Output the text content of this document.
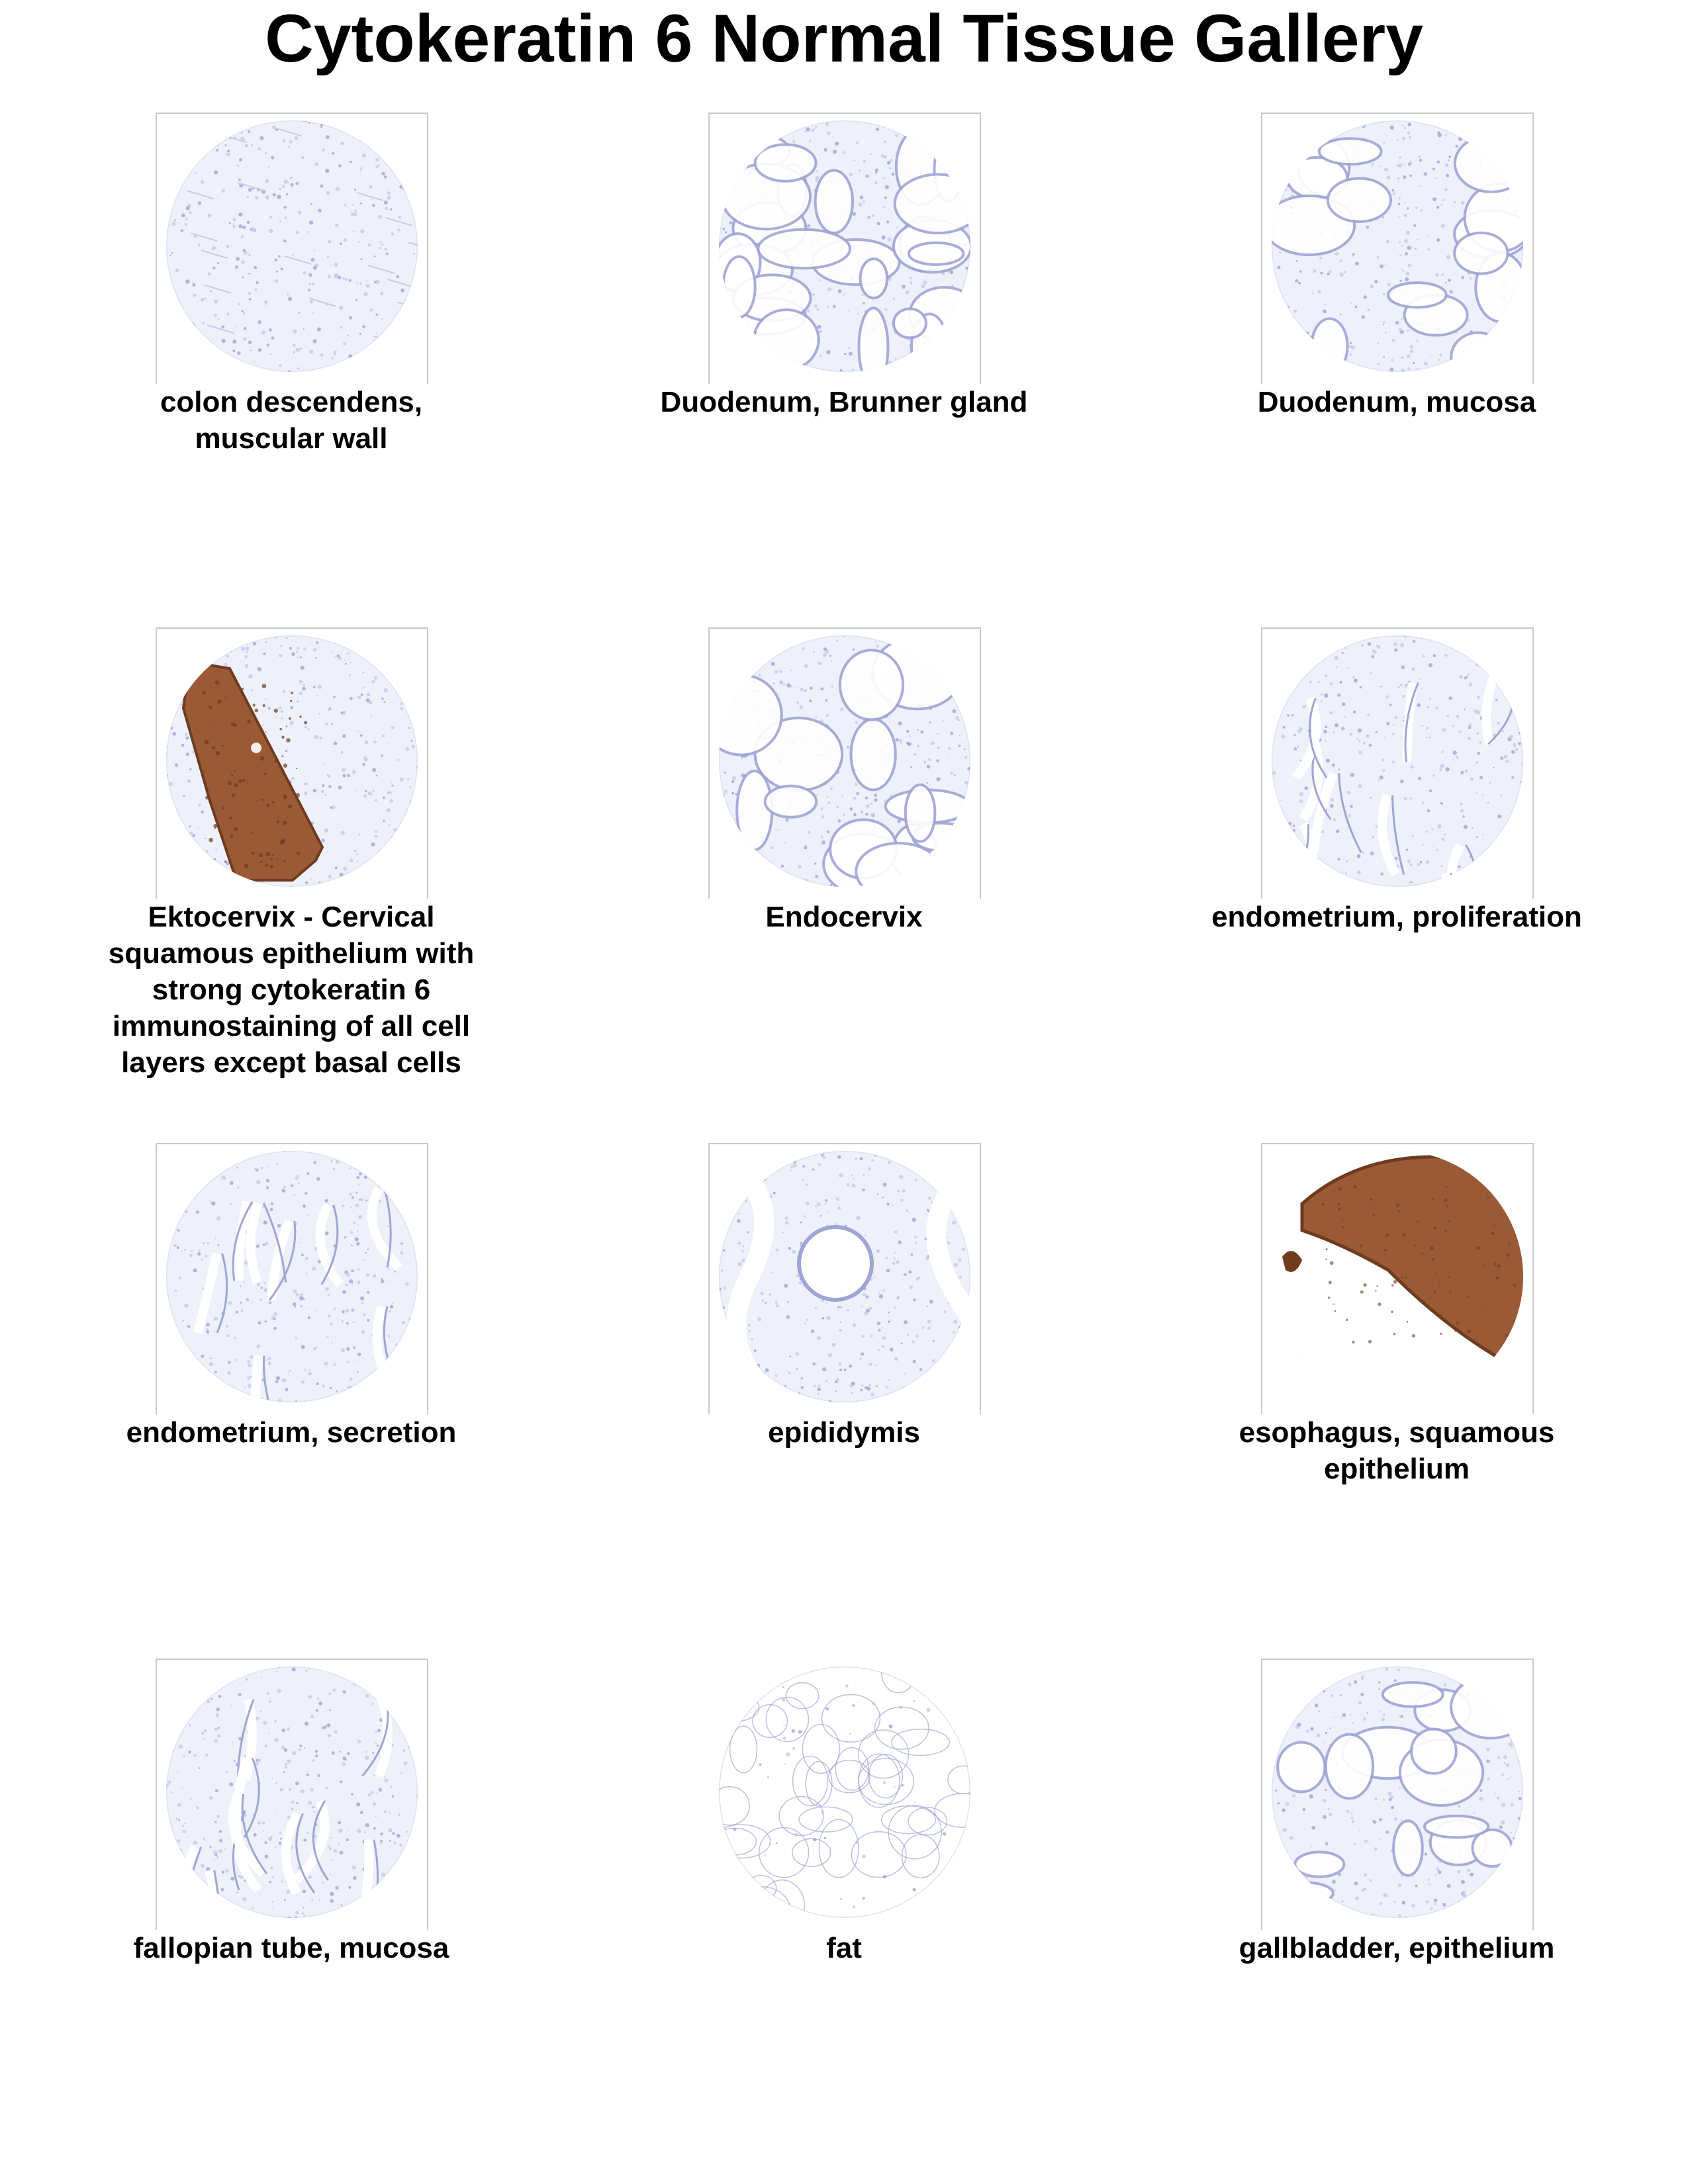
Cytokeratin 6 Normal Tissue Gallery
colon descendens, muscular wall
Duodenum, Brunner gland	Duodenum, mucosa
Ektocervix - Cervical squamous epithelium with strong cytokeratin 6 immunostaining of all cell layers except basal cells
Endocervix	endometrium, proliferation
endometrium, secretion	epididymis	esophagus, squamous epithelium
fallopian tube, mucosa	fat	gallbladder, epithelium
